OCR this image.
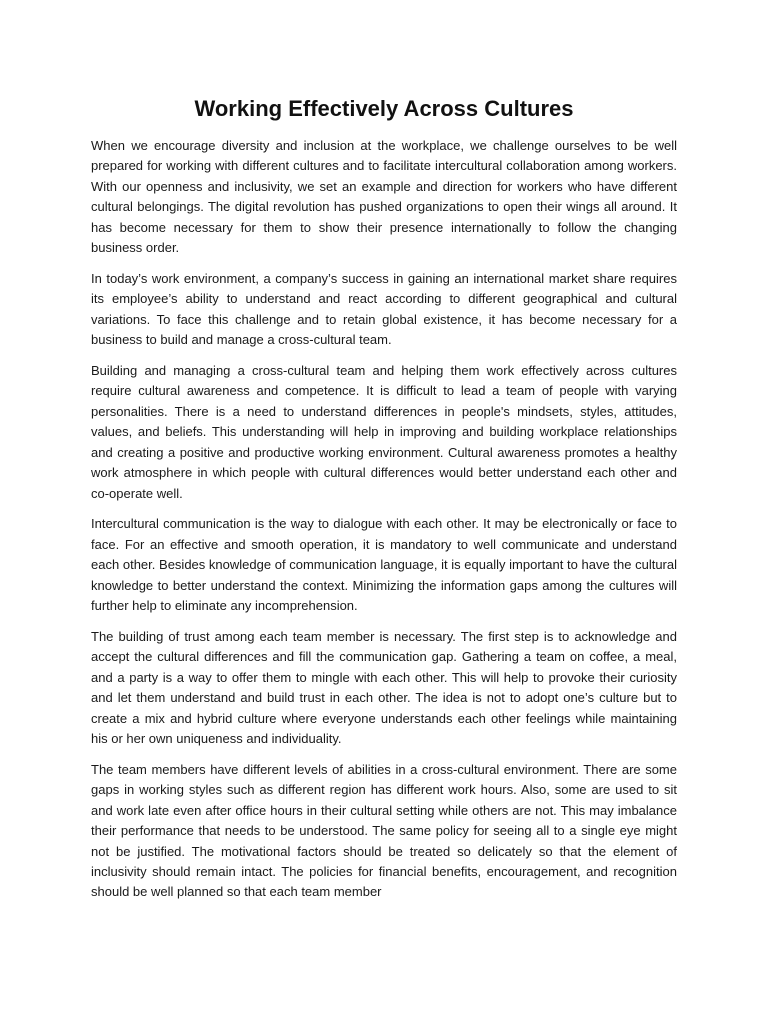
Working Effectively Across Cultures

When we encourage diversity and inclusion at the workplace, we challenge ourselves to be well prepared for working with different cultures and to facilitate intercultural collaboration among workers. With our openness and inclusivity, we set an example and direction for workers who have different cultural belongings. The digital revolution has pushed organizations to open their wings all around. It has become necessary for them to show their presence internationally to follow the changing business order.

In today’s work environment, a company’s success in gaining an international market share requires its employee’s ability to understand and react according to different geographical and cultural variations. To face this challenge and to retain global existence, it has become necessary for a business to build and manage a cross-cultural team.

Building and managing a cross-cultural team and helping them work effectively across cultures require cultural awareness and competence. It is difficult to lead a team of people with varying personalities. There is a need to understand differences in people's mindsets, styles, attitudes, values, and beliefs. This understanding will help in improving and building workplace relationships and creating a positive and productive working environment. Cultural awareness promotes a healthy work atmosphere in which people with cultural differences would better understand each other and co-operate well.

Intercultural communication is the way to dialogue with each other. It may be electronically or face to face. For an effective and smooth operation, it is mandatory to well communicate and understand each other. Besides knowledge of communication language, it is equally important to have the cultural knowledge to better understand the context. Minimizing the information gaps among the cultures will further help to eliminate any incomprehension.

The building of trust among each team member is necessary. The first step is to acknowledge and accept the cultural differences and fill the communication gap. Gathering a team on coffee, a meal, and a party is a way to offer them to mingle with each other. This will help to provoke their curiosity and let them understand and build trust in each other. The idea is not to adopt one’s culture but to create a mix and hybrid culture where everyone understands each other feelings while maintaining his or her own uniqueness and individuality.

The team members have different levels of abilities in a cross-cultural environment. There are some gaps in working styles such as different region has different work hours. Also, some are used to sit and work late even after office hours in their cultural setting while others are not. This may imbalance their performance that needs to be understood. The same policy for seeing all to a single eye might not be justified. The motivational factors should be treated so delicately so that the element of inclusivity should remain intact. The policies for financial benefits, encouragement, and recognition should be well planned so that each team member
